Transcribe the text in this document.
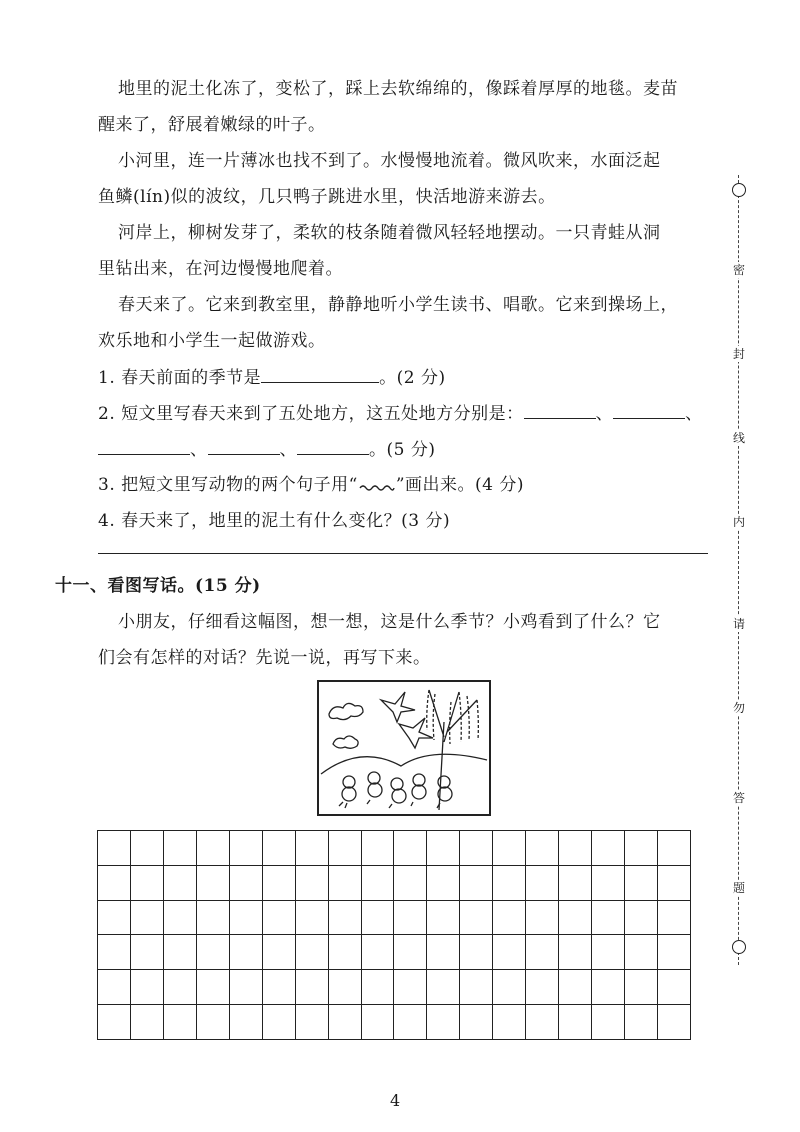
地里的泥土化冻了，变松了，踩上去软绵绵的，像踩着厚厚的地毯。麦苗
醒来了，舒展着嫩绿的叶子。
小河里，连一片薄冰也找不到了。水慢慢地流着。微风吹来，水面泛起
鱼鳞(lín)似的波纹，几只鸭子跳进水里，快活地游来游去。
河岸上，柳树发芽了，柔软的枝条随着微风轻轻地摆动。一只青蛙从洞
里钻出来，在河边慢慢地爬着。
春天来了。它来到教室里，静静地听小学生读书、唱歌。它来到操场上，
欢乐地和小学生一起做游戏。
1. 春天前面的季节是	。(2 分)
2. 短文里写春天来到了五处地方，这五处地方分别是：	、	、
、	、	。(5 分)
3. 把短文里写动物的两个句子用“ ”画出来。(4 分)
4. 春天来了，地里的泥土有什么变化？(3 分)
十一、看图写话。(15 分)
小朋友，仔细看这幅图，想一想，这是什么季节？小鸡看到了什么？它
们会有怎样的对话？先说一说，再写下来。

密
封
线
内
请
勿
答
题
4
